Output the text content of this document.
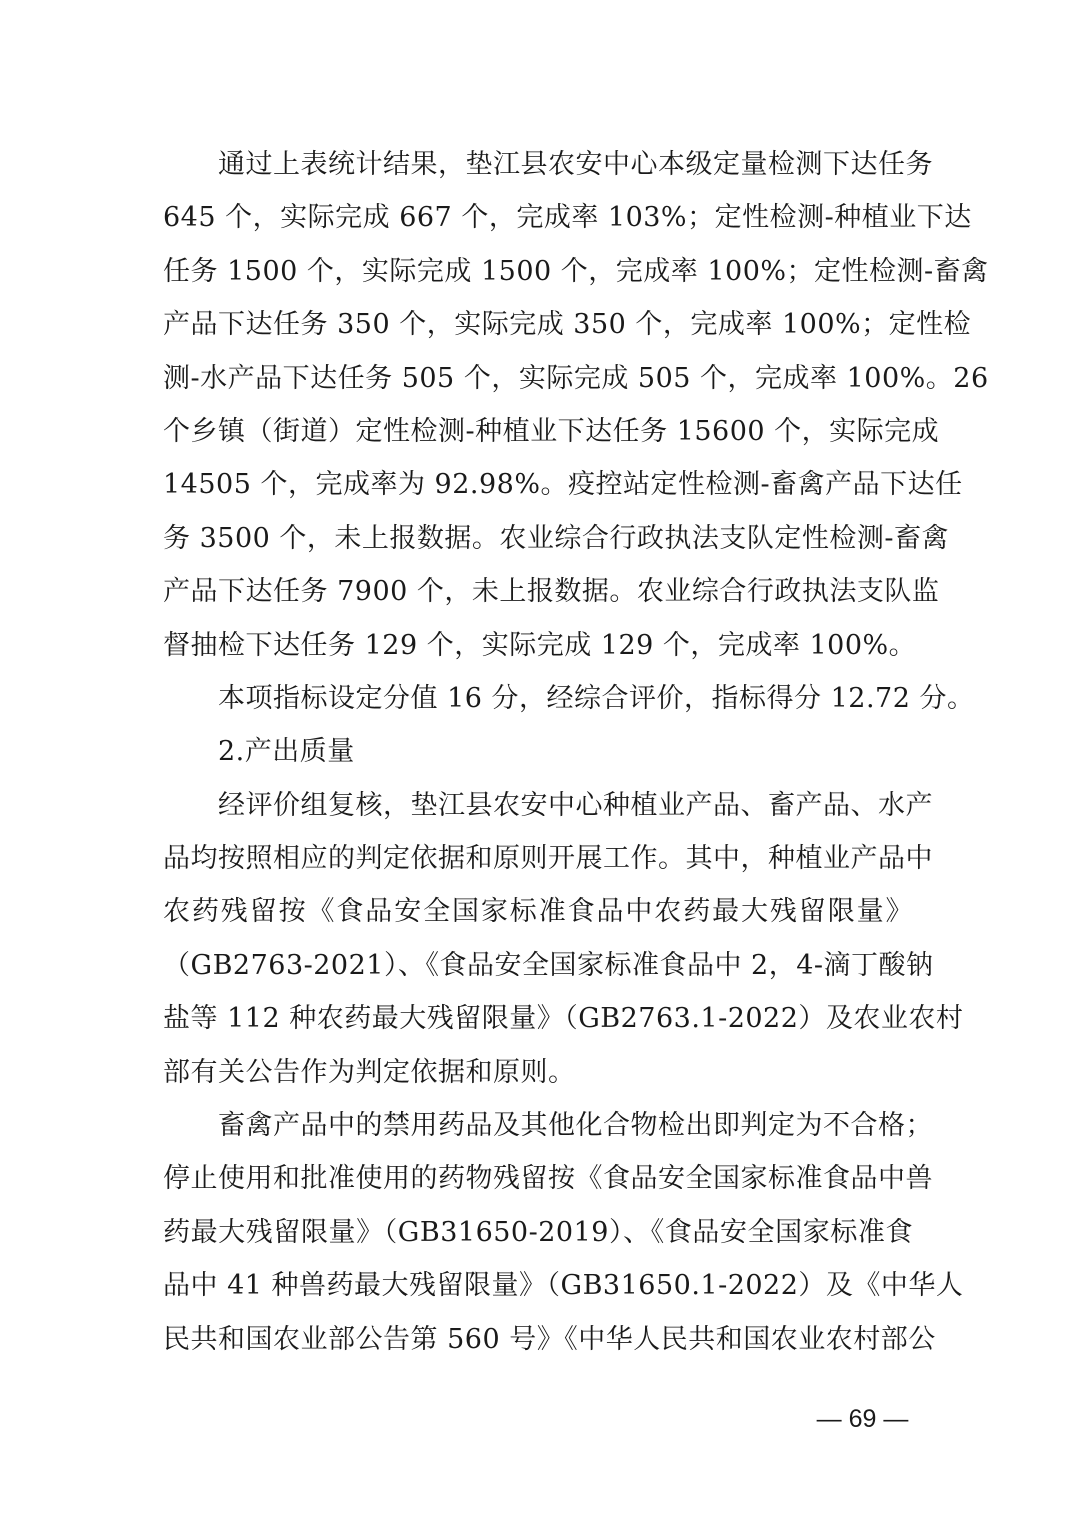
通过上表统计结果，垫江县农安中心本级定量检测下达任务
645 个，实际完成 667 个，完成率 103%；定性检测-种植业下达
任务 1500 个，实际完成 1500 个，完成率 100%；定性检测-畜禽
产品下达任务 350 个，实际完成 350 个，完成率 100%；定性检
测-水产品下达任务 505 个，实际完成 505 个，完成率 100%。26
个乡镇（街道）定性检测-种植业下达任务 15600 个，实际完成
14505 个，完成率为 92.98%。疫控站定性检测-畜禽产品下达任
务 3500 个，未上报数据。农业综合行政执法支队定性检测-畜禽
产品下达任务 7900 个，未上报数据。农业综合行政执法支队监
督抽检下达任务 129 个，实际完成 129 个，完成率 100%。
本项指标设定分值 16 分，经综合评价，指标得分 12.72 分。
2.产出质量
经评价组复核，垫江县农安中心种植业产品、畜产品、水产
品均按照相应的判定依据和原则开展工作。其中，种植业产品中
农药残留按《食品安全国家标准食品中农药最大残留限量》
（GB2763-2021）、《食品安全国家标准食品中 2，4-滴丁酸钠
盐等 112 种农药最大残留限量》（GB2763.1-2022）及农业农村
部有关公告作为判定依据和原则。
畜禽产品中的禁用药品及其他化合物检出即判定为不合格；
停止使用和批准使用的药物残留按《食品安全国家标准食品中兽
药最大残留限量》（GB31650-2019）、《食品安全国家标准食
品中 41 种兽药最大残留限量》（GB31650.1-2022）及《中华人
民共和国农业部公告第 560 号》《中华人民共和国农业农村部公
— 69 —
